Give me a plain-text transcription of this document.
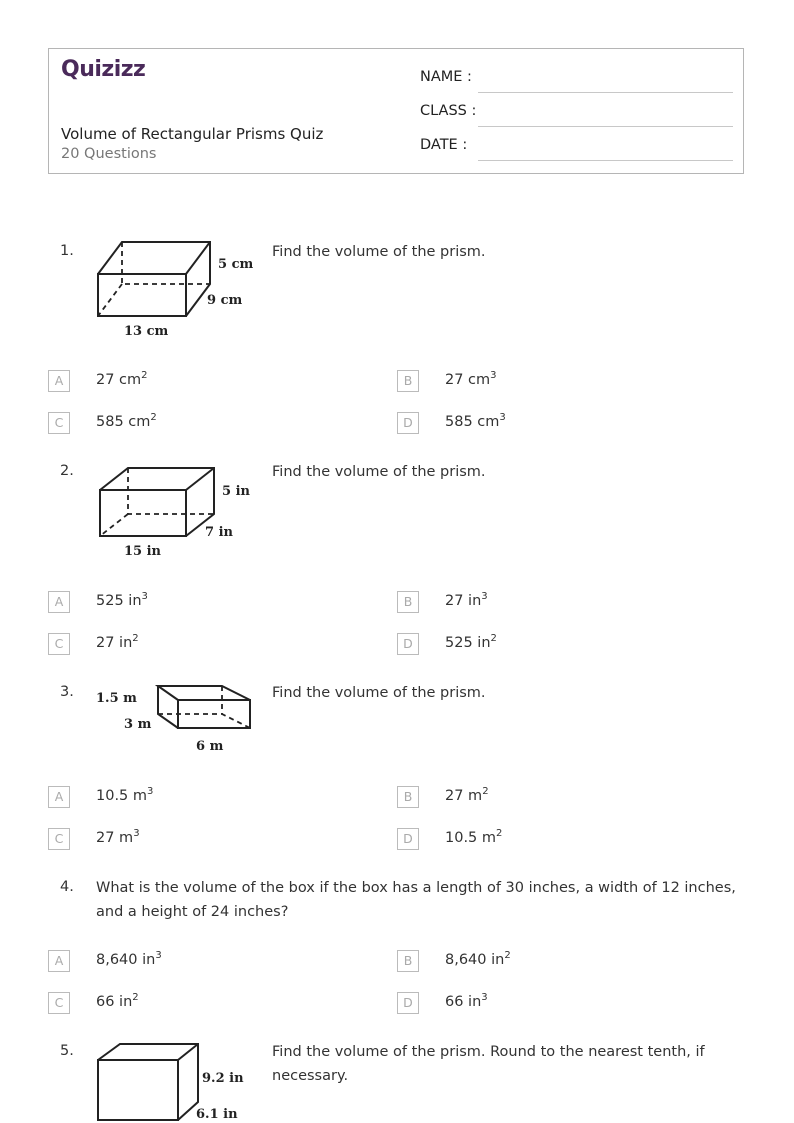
Quizizz
Volume of Rectangular Prisms Quiz
20 Questions
NAME :
CLASS :
DATE :
1.
5 cm
9 cm
13 cm
Find the volume of the prism.
A	27 $cm^2$	B	27 $cm^3$
C	585 $cm^2$	D	585 $cm^3$
2.
5 in
7 in
15 in
Find the volume of the prism.
A	525 $in^3$	B	27 $in^3$
C	27 $in^2$	D	525 $in^2$
3. 1.5 m
3 m
6 m
Find the volume of the prism.
A	10.5 $m^3$	B	27 $m^2$
C	27 $m^3$	D	10.5 $m^2$
4. What is the volume of the box if the box has a length of 30 inches, a width of 12 inches, and a height of 24 inches?
A	8,640 $in^3$	B	8,640 $in^2$
C	66 $in^2$	D	66 $in^3$
5.
9.2 in
6.1 in
Find the volume of the prism. Round to the nearest tenth, if necessary.
